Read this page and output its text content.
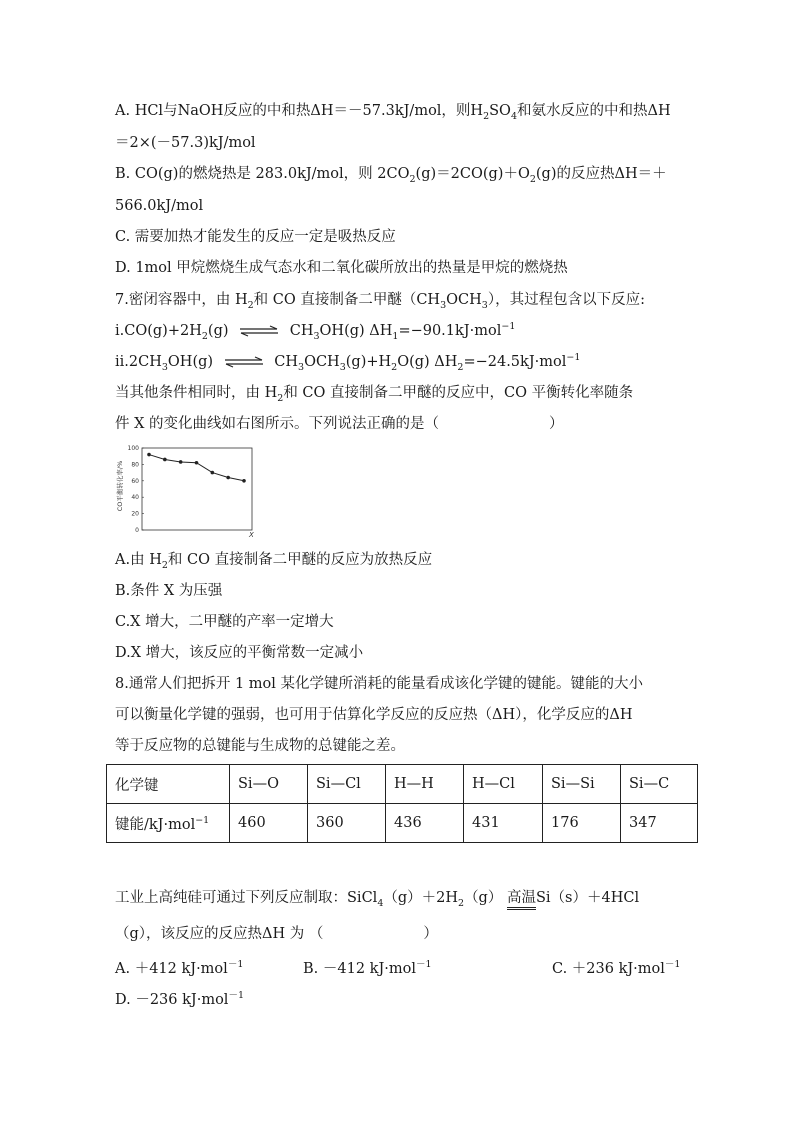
A. HCl与NaOH反应的中和热ΔH＝－57.3kJ/mol，则$H_2SO_4$和氨水反应的中和热ΔH
＝2×(－57.3)kJ/mol
B. CO(g)的燃烧热是 283.0kJ/mol，则 $2CO_2(g)=2CO(g)+O_2(g)$的反应热ΔH＝＋
566.0kJ/mol
C. 需要加热才能发生的反应一定是吸热反应
D. 1mol 甲烷燃烧生成气态水和二氧化碳所放出的热量是甲烷的燃烧热
7.密闭容器中，由 $H_2$和 CO 直接制备二甲醚$(CH_3OCH_3)$，其过程包含以下反应:
$i.CO(g)+2H_2(g)$ ⇌ $CH_3OH(g)$ $\Delta H_1=-90.1kJ\cdot mol^{-1}$
$ii.2CH_3OH(g)$ ⇌ $CH_3OCH_3(g)+H_2O(g)$ $\Delta H_2=-24.5kJ\cdot mol^{-1}$
当其他条件相同时，由 $H_2$和 CO 直接制备二甲醚的反应中，CO 平衡转化率随条
件 X 的变化曲线如右图所示。下列说法正确的是（	）
100
80
60
40
20
0
CO平衡转化率/%
X
A.由 $H_2$和 CO 直接制备二甲醚的反应为放热反应
B.条件 X 为压强
C.X 增大，二甲醚的产率一定增大
D.X 增大，该反应的平衡常数一定减小
8.通常人们把拆开 1 mol 某化学键所消耗的能量看成该化学键的键能。键能的大小
可以衡量化学键的强弱，也可用于估算化学反应的反应热（ΔH），化学反应的ΔH
等于反应物的总键能与生成物的总键能之差。
化学键	Si—O	Si—Cl	H—H	H—Cl	Si—Si	Si—C
键能/kJ·mol$^{-1}$	460	360	436	431	176	347
工业上高纯硅可通过下列反应制取：$SiCl_4(g)+2H_2(g)$ 高温Si（s）＋4HCl
（g），该反应的反应热ΔH 为 （	）
A. ＋412 kJ·mol$^{-1}$	B. －412 kJ·mol$^{-1}$	C. ＋236 kJ·mol$^{-1}$
D. －236 kJ·mol$^{-1}$
